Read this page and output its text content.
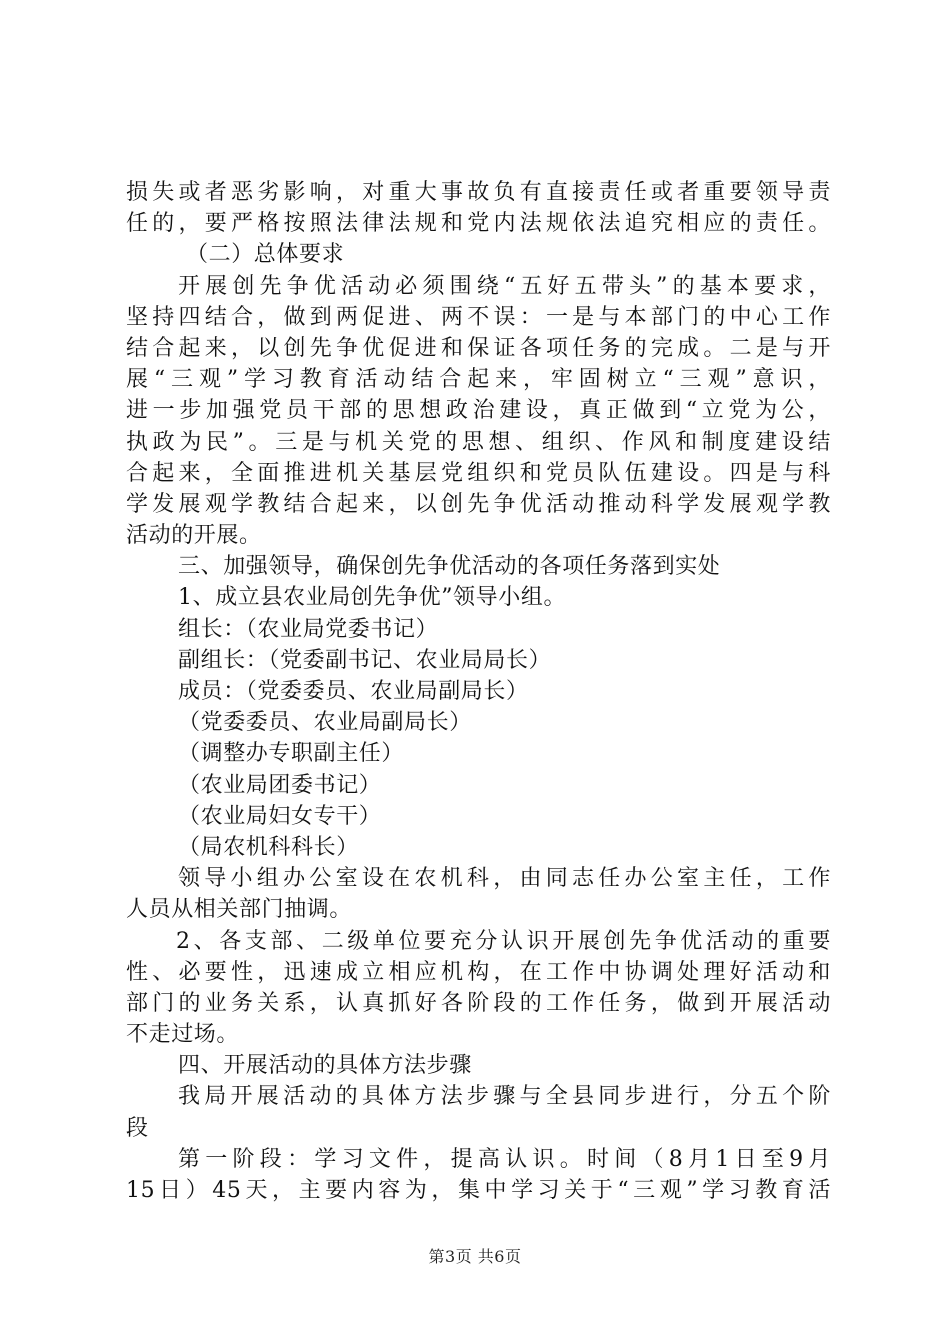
损失或者恶劣影响，对重大事故负有直接责任或者重要领导责
任的，要严格按照法律法规和党内法规依法追究相应的责任。
（二）总体要求
开展创先争优活动必须围绕“五好五带头”的基本要求，
坚持四结合，做到两促进、两不误：一是与本部门的中心工作
结合起来，以创先争优促进和保证各项任务的完成。二是与开
展“三观”学习教育活动结合起来，牢固树立“三观”意识，
进一步加强党员干部的思想政治建设，真正做到“立党为公，
执政为民”。三是与机关党的思想、组织、作风和制度建设结
合起来，全面推进机关基层党组织和党员队伍建设。四是与科
学发展观学教结合起来，以创先争优活动推动科学发展观学教
活动的开展。
三、加强领导，确保创先争优活动的各项任务落到实处
1、成立县农业局创先争优”领导小组。
组长：（农业局党委书记）
副组长：（党委副书记、农业局局长）
成员：（党委委员、农业局副局长）
（党委委员、农业局副局长）
（调整办专职副主任）
（农业局团委书记）
（农业局妇女专干）
（局农机科科长）
领导小组办公室设在农机科，由同志任办公室主任，工作
人员从相关部门抽调。
2、各支部、二级单位要充分认识开展创先争优活动的重要
性、必要性，迅速成立相应机构，在工作中协调处理好活动和
部门的业务关系，认真抓好各阶段的工作任务，做到开展活动
不走过场。
四、开展活动的具体方法步骤
我局开展活动的具体方法步骤与全县同步进行，分五个阶
段
第一阶段：学习文件，提高认识。时间（8月1日至9月
15日）45天，主要内容为，集中学习关于“三观”学习教育活
第3页 共6页
